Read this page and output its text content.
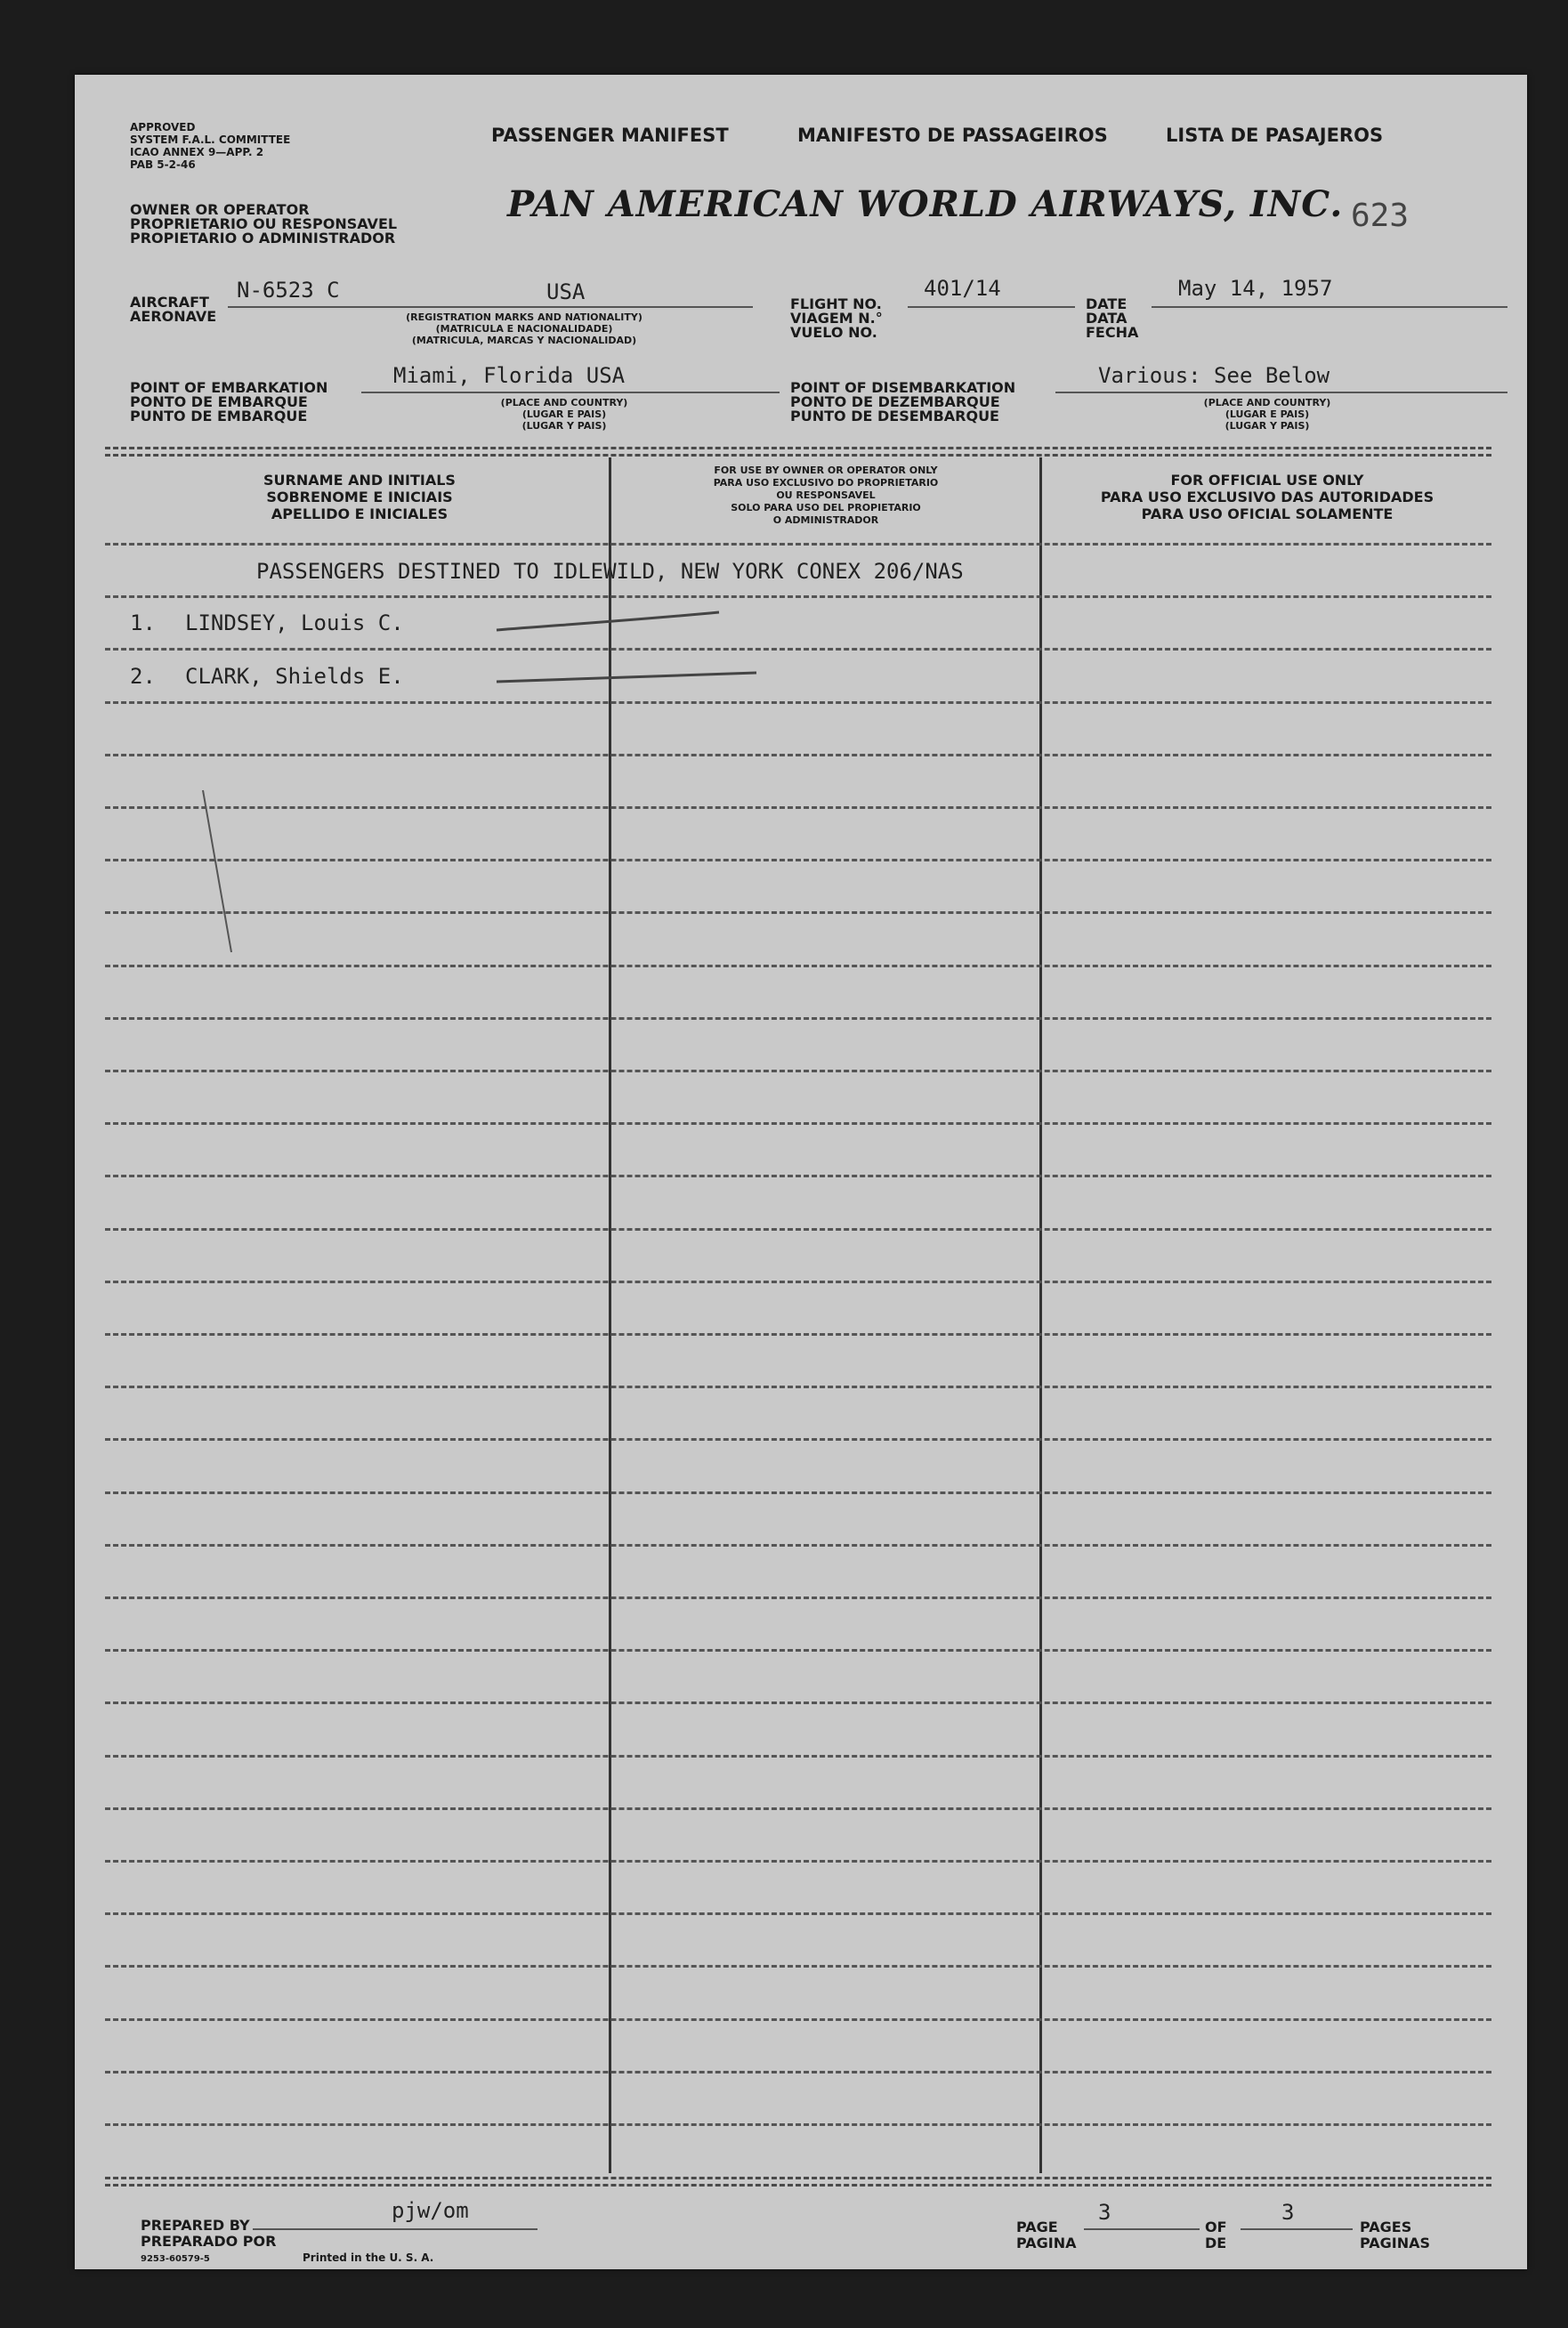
APPROVED
SYSTEM F.A.L. COMMITTEE
ICAO ANNEX 9—APP. 2
PAB 5-2-46
PASSENGER MANIFEST	MANIFESTO DE PASSAGEIROS	LISTA DE PASAJEROS
OWNER OR OPERATOR
PROPRIETARIO OU RESPONSAVEL
PROPIETARIO O ADMINISTRADOR
PAN AMERICAN WORLD AIRWAYS, INC. 623
AIRCRAFT
AERONAVE
N-6523 C	USA
(REGISTRATION MARKS AND NATIONALITY)
(MATRICULA E NACIONALIDADE)
(MATRICULA, MARCAS Y NACIONALIDAD)
FLIGHT NO.
VIAGEM N.°
VUELO NO.
401/14
DATE
DATA
FECHA
May 14, 1957
POINT OF EMBARKATION
PONTO DE EMBARQUE
PUNTO DE EMBARQUE
Miami, Florida USA
(PLACE AND COUNTRY)
(LUGAR E PAIS)
(LUGAR Y PAIS)
POINT OF DISEMBARKATION
PONTO DE DEZEMBARQUE
PUNTO DE DESEMBARQUE
Various: See Below
(PLACE AND COUNTRY)
(LUGAR E PAIS)
(LUGAR Y PAIS)
SURNAME AND INITIALS
SOBRENOME E INICIAIS
APELLIDO E INICIALES
FOR USE BY OWNER OR OPERATOR ONLY
PARA USO EXCLUSIVO DO PROPRIETARIO
OU RESPONSAVEL
SOLO PARA USO DEL PROPIETARIO
O ADMINISTRADOR
FOR OFFICIAL USE ONLY
PARA USO EXCLUSIVO DAS AUTORIDADES
PARA USO OFICIAL SOLAMENTE
PASSENGERS DESTINED TO IDLEWILD, NEW YORK CONEX 206/NAS
1. LINDSEY, Louis C.
2. CLARK, Shields E.
PREPARED BY
PREPARADO POR
pjw/om
9253-60579-5	Printed in the U. S. A.
PAGE
PAGINA
3
OF
DE
3
PAGES
PAGINAS
